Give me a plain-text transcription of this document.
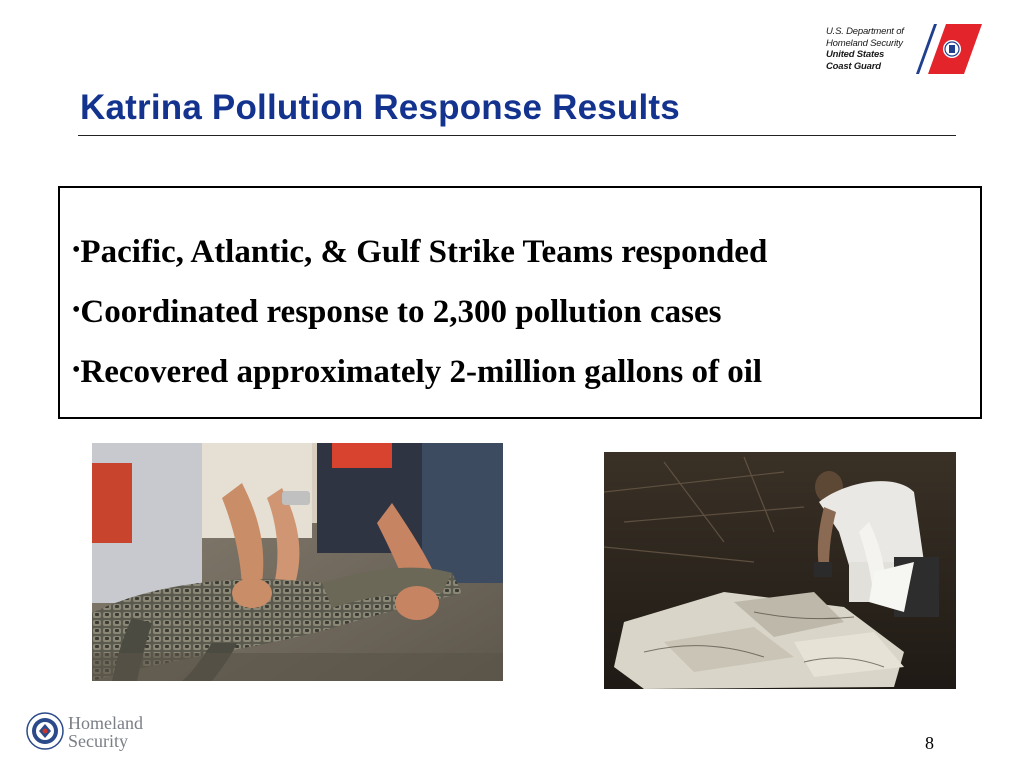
U.S. Department of
Homeland Security
United States
Coast Guard
Katrina Pollution Response Results
•Pacific, Atlantic, & Gulf Strike Teams responded
•Coordinated response to 2,300 pollution cases
•Recovered approximately 2-million gallons of oil
Homeland
Security	8
